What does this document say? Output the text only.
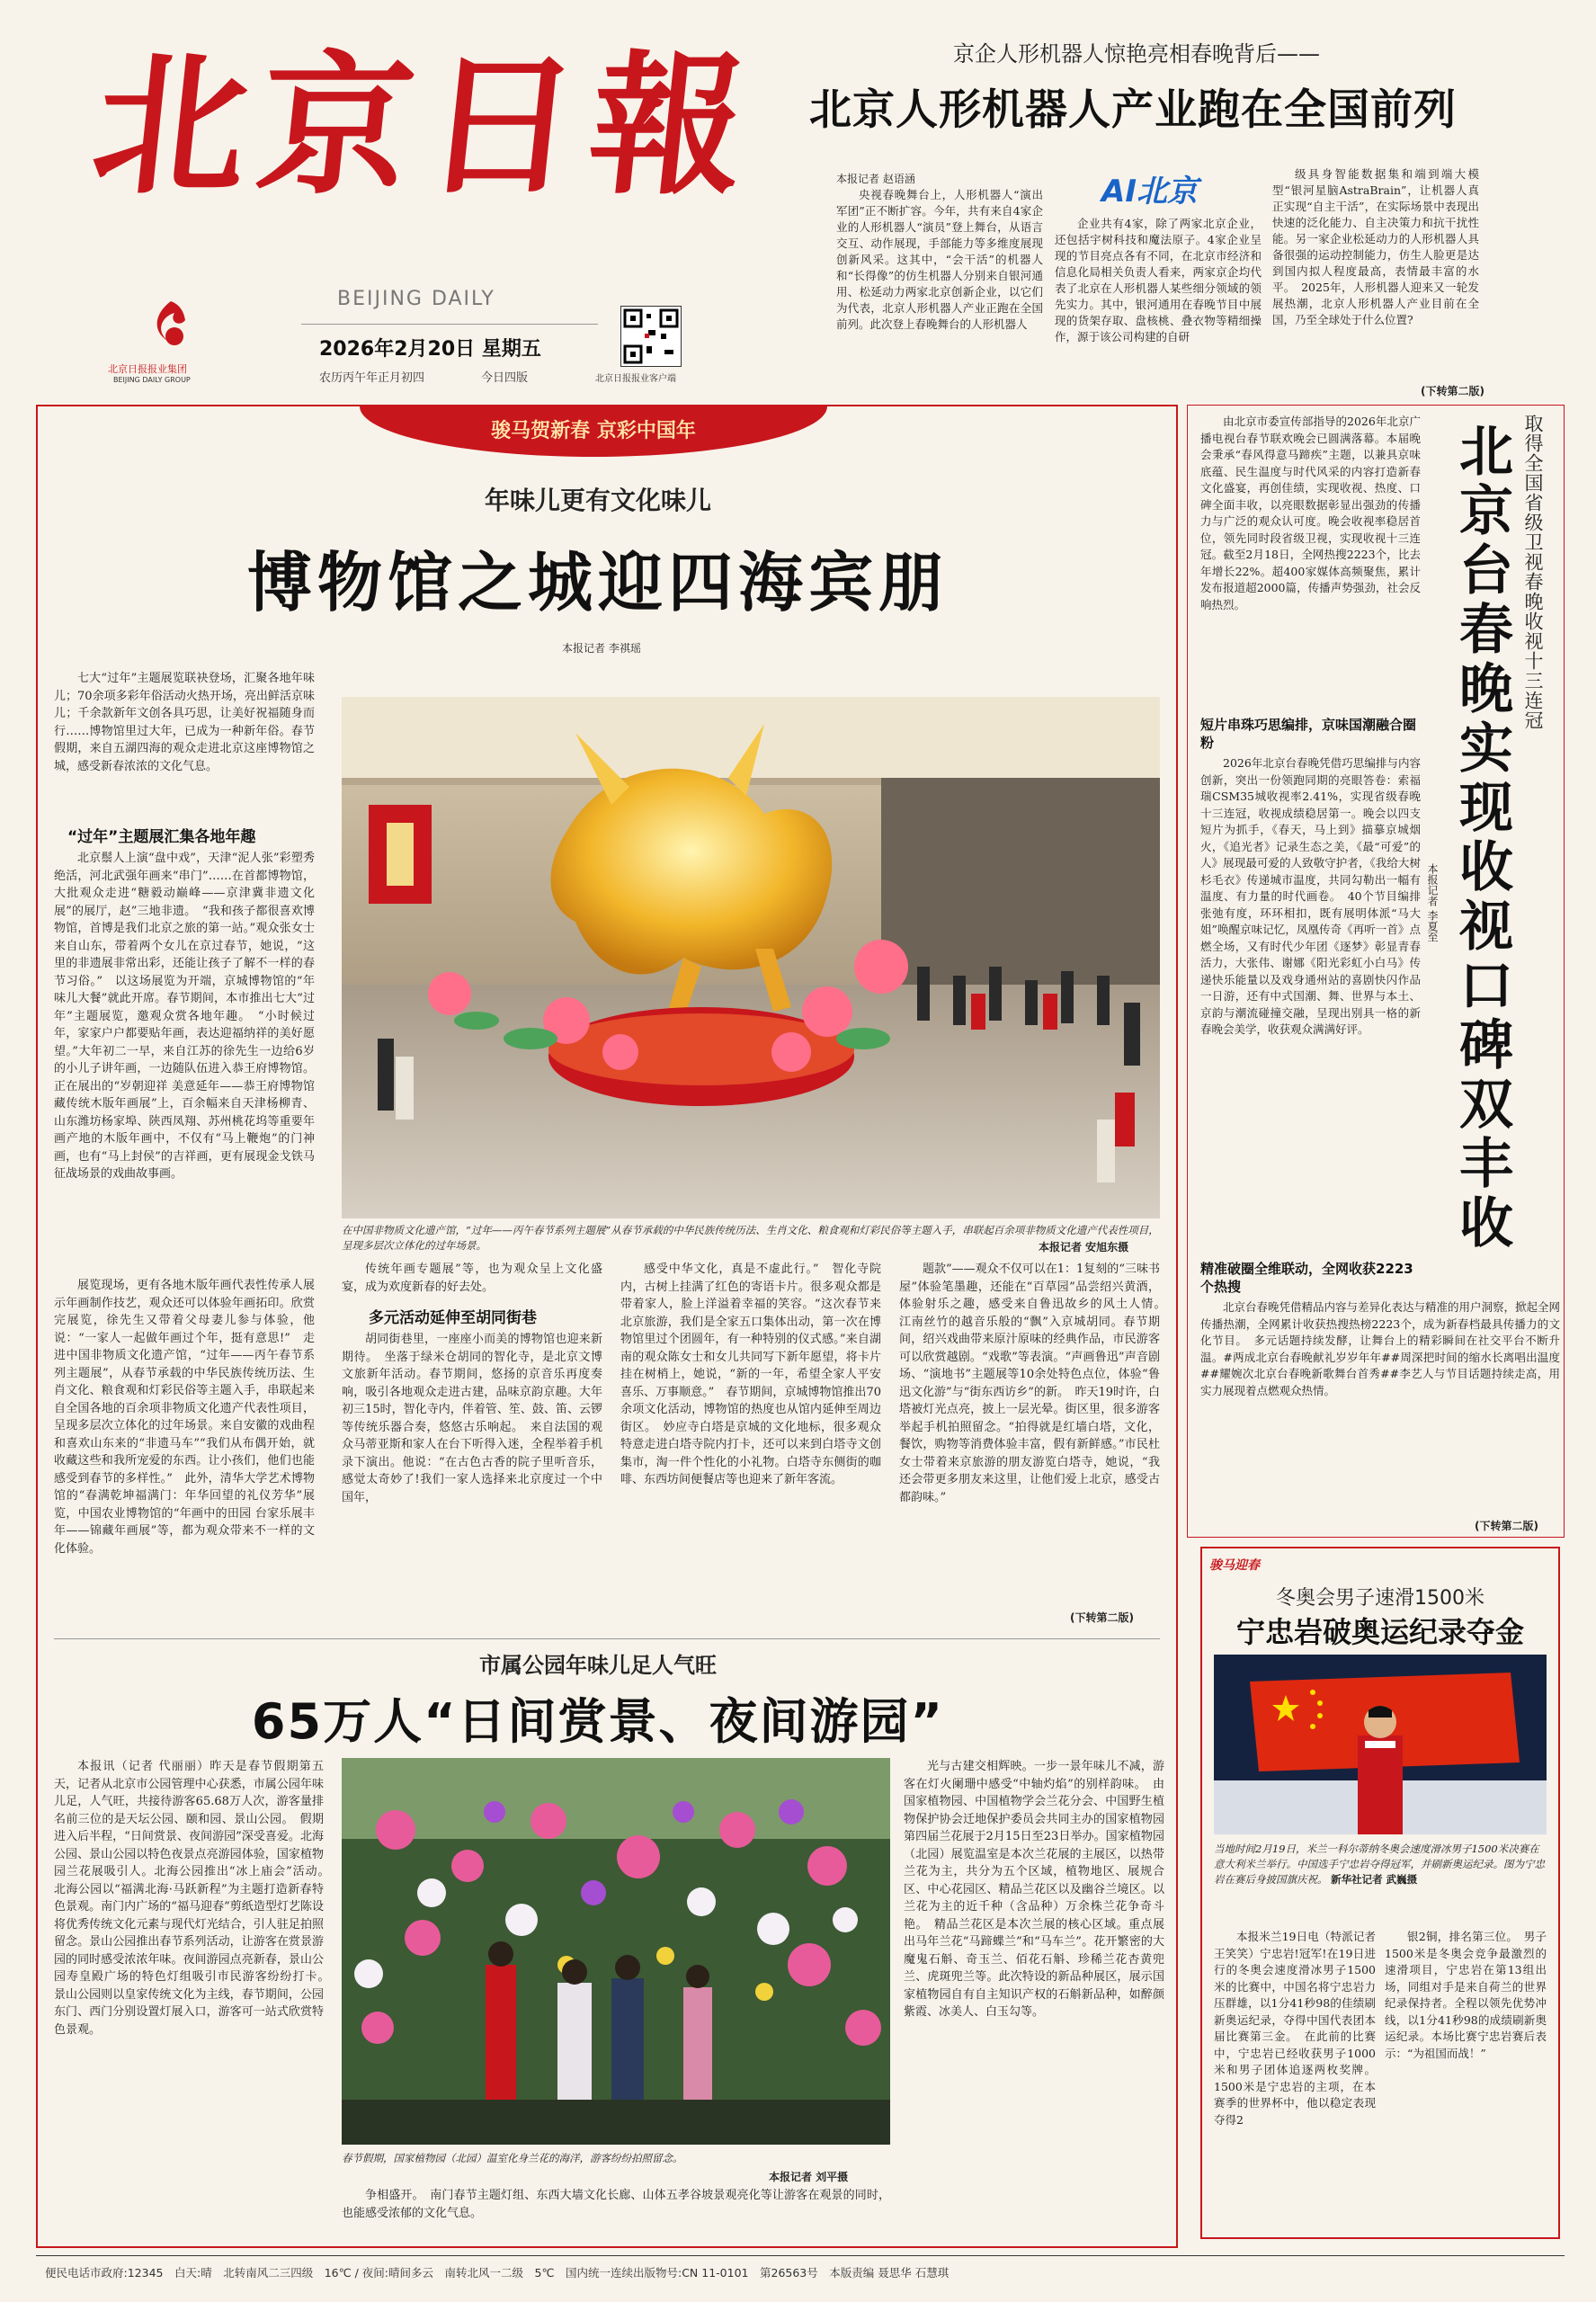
北京日報
BEIJING DAILY
北京日报报业集团
BEIJING DAILY GROUP
2026年2月20日 星期五
农历丙午年正月初四	今日四版	北京日报报业客户端
京企人形机器人惊艳亮相春晚背后——
北京人形机器人产业跑在全国前列
AI北京
本报记者 赵语涵

央视春晚舞台上，人形机器人“演出军团”正不断扩容。今年，共有来自4家企业的人形机器人“演员”登上舞台，从语言交互、动作展现，手部能力等多维度展现创新风采。这其中，“会干活”的机器人和“长得像”的仿生机器人分别来自银河通用、松延动力两家北京创新企业，以它们为代表，北京人形机器人产业正跑在全国前列。此次登上春晚舞台的人形机器人

企业共有4家，除了两家北京企业，还包括宇树科技和魔法原子。4家企业呈现的节目亮点各有不同，在北京市经济和信息化局相关负责人看来，两家京企均代表了北京在人形机器人某些细分领域的领先实力。其中，银河通用在春晚节目中展现的货架存取、盘核桃、叠衣物等精细操作，源于该公司构建的自研

级具身智能数据集和端到端大模型“银河星脑AstraBrain”，让机器人真正实现“自主干活”，在实际场景中表现出快速的泛化能力、自主决策力和抗干扰性能。另一家企业松延动力的人形机器人具备很强的运动控制能力，仿生人脸更是达到国内拟人程度最高，表情最丰富的水平。　2025年，人形机器人迎来又一轮发展热潮，北京人形机器人产业目前在全国，乃至全球处于什么位置?

(下转第二版)
骏马贺新春 京彩中国年
年味儿更有文化味儿
博物馆之城迎四海宾朋
本报记者 李祺瑶

七大“过年”主题展览联袂登场，汇聚各地年味儿；70余项多彩年俗活动火热开场，亮出鲜活京味儿；千余款新年文创各具巧思，让美好祝福随身而行……博物馆里过大年，已成为一种新年俗。春节假期，来自五湖四海的观众走进北京这座博物馆之城，感受新春浓浓的文化气息。

“过年”主题展汇集各地年趣

北京鬃人上演“盘中戏”，天津“泥人张”彩塑秀绝活，河北武强年画来“串门”……在首都博物馆，大批观众走进“糖毅动巅峰——京津冀非遗文化展”的展厅，赵”三地非遗。　“我和孩子都很喜欢博物馆，首博是我们北京之旅的第一站。”观众张女士来自山东，带着两个女儿在京过春节，她说，“这里的非遗展非常出彩，还能让孩子了解不一样的春节习俗。”　以这场展览为开端，京城博物馆的“年味儿大餐”就此开席。春节期间，本市推出七大“过年”主题展览，邀观众赏各地年趣。　“小时候过年，家家户户都要贴年画，表达迎福纳祥的美好愿望。”大年初二一早，来自江苏的徐先生一边给6岁的小儿子讲年画，一边随队伍进入恭王府博物馆。正在展出的“岁朝迎祥 美意延年——恭王府博物馆藏传统木版年画展”上，百余幅来自天津杨柳青、山东潍坊杨家埠、陕西凤翔、苏州桃花坞等重要年画产地的木版年画中，不仅有“马上鞭炮”的门神画，也有“马上封侯”的吉祥画，更有展现金戈铁马征战场景的戏曲故事画。

展览现场，更有各地木版年画代表性传承人展示年画制作技艺，观众还可以体验年画拓印。欣赏完展览，徐先生又带着父母妻儿参与体验，他说：“一家人一起做年画过个年，挺有意思!”　走进中国非物质文化遗产馆，“过年——丙午春节系列主题展”，从春节承载的中华民族传统历法、生肖文化、粮食观和灯彩民俗等主题入手，串联起来自全国各地的百余项非物质文化遗产代表性项目，呈现多层次立体化的过年场景。来自安徽的戏曲程和喜欢山东来的“非遗马车”“我们从布偶开始，就收藏这些和我所宠爱的东西。让小孩们，他们也能感受到春节的多样性。”　此外，清华大学艺术博物馆的“春满乾坤福满门：年华回望的礼仪芳华”展览，中国农业博物馆的“年画中的田园 台家乐展丰年——锦藏年画展”等，都为观众带来不一样的文化体验。

在中国非物质文化遗产馆，“过年——丙午春节系列主题展”从春节承载的中华民族传统历法、生肖文化、粮食观和灯彩民俗等主题入手，串联起百余项非物质文化遗产代表性项目，呈现多层次立体化的过年场景。	本报记者 安旭东摄

传统年画专题展”等，也为观众呈上文化盛宴，成为欢度新春的好去处。

多元活动延伸至胡同街巷

胡同街巷里，一座座小而美的博物馆也迎来新期待。　坐落于绿米仓胡同的智化寺，是北京文博文旅新年活动。春节期间，悠扬的京音乐再度奏响，吸引各地观众走进古建，品味京韵京趣。大年初三15时，智化寺内，伴着管、笙、鼓、笛、云锣等传统乐器合奏，悠悠古乐响起。　来自法国的观众马蒂亚斯和家人在台下听得入迷，全程举着手机录下演出。他说：“在古色古香的院子里听音乐，感觉太奇妙了!我们一家人选择来北京度过一个中国年，

感受中华文化，真是不虚此行。”　智化寺院内，古树上挂满了红色的寄语卡片。很多观众都是带着家人，脸上洋溢着幸福的笑容。“这次春节来北京旅游，我们是全家五口集体出动，第一次在博物馆里过个团圆年，有一种特别的仪式感。”来自湖南的观众陈女士和女儿共同写下新年愿望，将卡片挂在树梢上，她说，“新的一年，希望全家人平安喜乐、万事顺意。”　春节期间，京城博物馆推出70余项文化活动，博物馆的热度也从馆内延伸至周边街区。　妙应寺白塔是京城的文化地标，很多观众特意走进白塔寺院内打卡，还可以来到白塔寺文创集市，淘一件个性化的小礼物。白塔寺东侧街的咖啡、东西坊间便餐店等也迎来了新年客流。

题款”——观众不仅可以在1：1复刻的“三味书屋”体验笔墨趣，还能在“百草园”品尝绍兴黄酒，体验射乐之趣，感受来自鲁迅故乡的风土人情。　江南丝竹的越音乐般的“飘”入京城胡同。春节期间，绍兴戏曲带来原汁原味的经典作品，市民游客可以欣赏越剧。“戏歌”等表演。“声画鲁迅”声音剧场、“演地书”主题展等10余处特色点位，体验“鲁迅文化游”与“街东西访乡”的新。　昨天19时许，白塔被灯光点亮，披上一层光晕。街区里，很多游客举起手机拍照留念。“拍得就是红墙白塔，文化，餐饮，购物等消费体验丰富，假有新鲜感。”市民杜女士带着来京旅游的朋友游览白塔寺，她说，“我还会带更多朋友来这里，让他们爱上北京，感受古都韵味。”

(下转第二版)
市属公园年味儿足人气旺
65万人“日间赏景、夜间游园”

本报讯（记者 代丽丽）昨天是春节假期第五天，记者从北京市公园管理中心获悉，市属公园年味儿足，人气旺，共接待游客65.68万人次，游客量排名前三位的是天坛公园、颐和园、景山公园。　假期进入后半程，“日间赏景、夜间游园”深受喜爱。北海公园、景山公园以特色夜景点亮游园体验，国家植物园兰花展吸引人。北海公园推出“冰上庙会”活动。　北海公园以“福满北海·马跃新程”为主题打造新春特色景观。南门内广场的“福马迎春”剪纸造型灯艺陈设将优秀传统文化元素与现代灯光结合，引人驻足拍照留念。景山公园推出春节系列活动，让游客在赏景游园的同时感受浓浓年味。夜间游园点亮新春，景山公园寿皇殿广场的特色灯组吸引市民游客纷纷打卡。　景山公园则以皇家传统文化为主线，春节期间，公园东门、西门分别设置灯展入口，游客可一站式欣赏特色景观。

春节假期，国家植物园（北园）温室化身兰花的海洋，游客纷纷拍照留念。
本报记者 刘平摄

争相盛开。　南门春节主题灯组、东西大墙文化长廊、山体五孝谷坡景观亮化等让游客在观景的同时，也能感受浓郁的文化气息。

光与古建交相辉映。一步一景年味儿不减，游客在灯火阑珊中感受“中轴灼焰”的别样韵味。　由国家植物园、中国植物学会兰花分会、中国野生植物保护协会迁地保护委员会共同主办的国家植物园第四届兰花展于2月15日至23日举办。国家植物园（北园）展览温室是本次兰花展的主展区，以热带兰花为主，共分为五个区域，植物地区、展规合区、中心花园区、精品兰花区以及幽谷兰境区。以兰花为主的近千种（含品种）万余株兰花争奇斗艳。　精品兰花区是本次兰展的核心区域。重点展出马年兰花“马蹄蝶兰”和“马车兰”。花开繁密的大魔鬼石斛、奇玉兰、佰花石斛、珍稀兰花杏黄兜兰、虎斑兜兰等。此次特设的新品种展区，展示国家植物园自有自主知识产权的石斛新品种，如醉颜紫霞、冰美人、白玉勾等。

取得全国省级卫视春晚收视十三连冠
北京台春晚实现收视口碑双丰收
本报记者 李夏至

由北京市委宣传部指导的2026年北京广播电视台春节联欢晚会已圆满落幕。本届晚会秉承“春风得意马蹄疾”主题，以兼具京味底蕴、民生温度与时代风采的内容打造新春文化盛宴，再创佳绩，实现收视、热度、口碑全面丰收，以亮眼数据彰显出强劲的传播力与广泛的观众认可度。晚会收视率稳居首位，领先同时段省级卫视，实现收视十三连冠。截至2月18日，全网热搜2223个，比去年增长22%。超400家媒体高频聚焦，累计发布报道超2000篇，传播声势强劲，社会反响热烈。

短片串珠巧思编排，京味国潮融合圈粉

2026年北京台春晚凭借巧思编排与内容创新，突出一份领跑同期的亮眼答卷：索福瑞CSM35城收视率2.41%，实现省级春晚十三连冠，收视成绩稳居第一。晚会以四支短片为抓手，《春天，马上到》描摹京城烟火，《追光者》记录生态之美，《最“可爱”的人》展现最可爱的人致敬守护者，《我给大树杉毛衣》传递城市温度，共同勾勒出一幅有温度、有力量的时代画卷。　40个节目编排张弛有度，环环相扣，既有展明体派“马大姐”唤醒京味记忆，凤凰传奇《再听一首》点燃全场，又有时代少年团《逐梦》彰显青春活力，大张伟、谢娜《阳光彩虹小白马》传递快乐能量以及戏身通州站的喜剧快闪作品一日游，还有中式国潮、舞、世界与本土、京韵与潮流碰撞交融，呈现出别具一格的新春晚会美学，收获观众满满好评。

精准破圈全维联动，全网收获2223个热搜

北京台春晚凭借精品内容与差异化表达与精准的用户洞察，掀起全网传播热潮，全网累计收获热搜热榜2223个，成为新春档最具传播力的文化节目。　多元话题持续发酵，让舞台上的精彩瞬间在社交平台不断升温。#两成北京台春晚献礼岁岁年年##周深把时间的缩水长离唱出温度##耀婉次北京台春晚新歌舞台首秀##李艺人与节目话题持续走高，用实力展现着点燃观众热情。

(下转第二版)
骏马迎春
冬奥会男子速滑1500米
宁忠岩破奥运纪录夺金
当地时间2月19日，米兰一科尔蒂纳冬奥会速度滑冰男子1500米决赛在意大利米兰举行。中国选手宁忠岩夺得冠军，并刷新奥运纪录。图为宁忠岩在赛后身披国旗庆祝。 新华社记者 武巍摄

本报米兰19日电（特派记者 王笑笑）宁忠岩!冠军!在19日进行的冬奥会速度滑冰男子1500米的比赛中，中国名将宁忠岩力压群雄，以1分41秒98的佳绩刷新奥运纪录，夺得中国代表团本届比赛第三金。　在此前的比赛中，宁忠岩已经收获男子1000米和男子团体追逐两枚奖牌。1500米是宁忠岩的主项，在本赛季的世界杯中，他以稳定表现夺得2

银2铜，排名第三位。　男子1500米是冬奥会竞争最激烈的速滑项目，宁忠岩在第13组出场，同组对手是来自荷兰的世界纪录保持者。全程以领先优势冲线，以1分41秒98的成绩刷新奥运纪录。本场比赛宁忠岩赛后表示：“为祖国而战！”

便民电话市政府:12345　白天:晴　北转南风二三四级　16℃ / 夜间:晴间多云　南转北风一二级　5℃　国内统一连续出版物号:CN 11-0101　第26563号　本版责编 聂思华 石慧琪
